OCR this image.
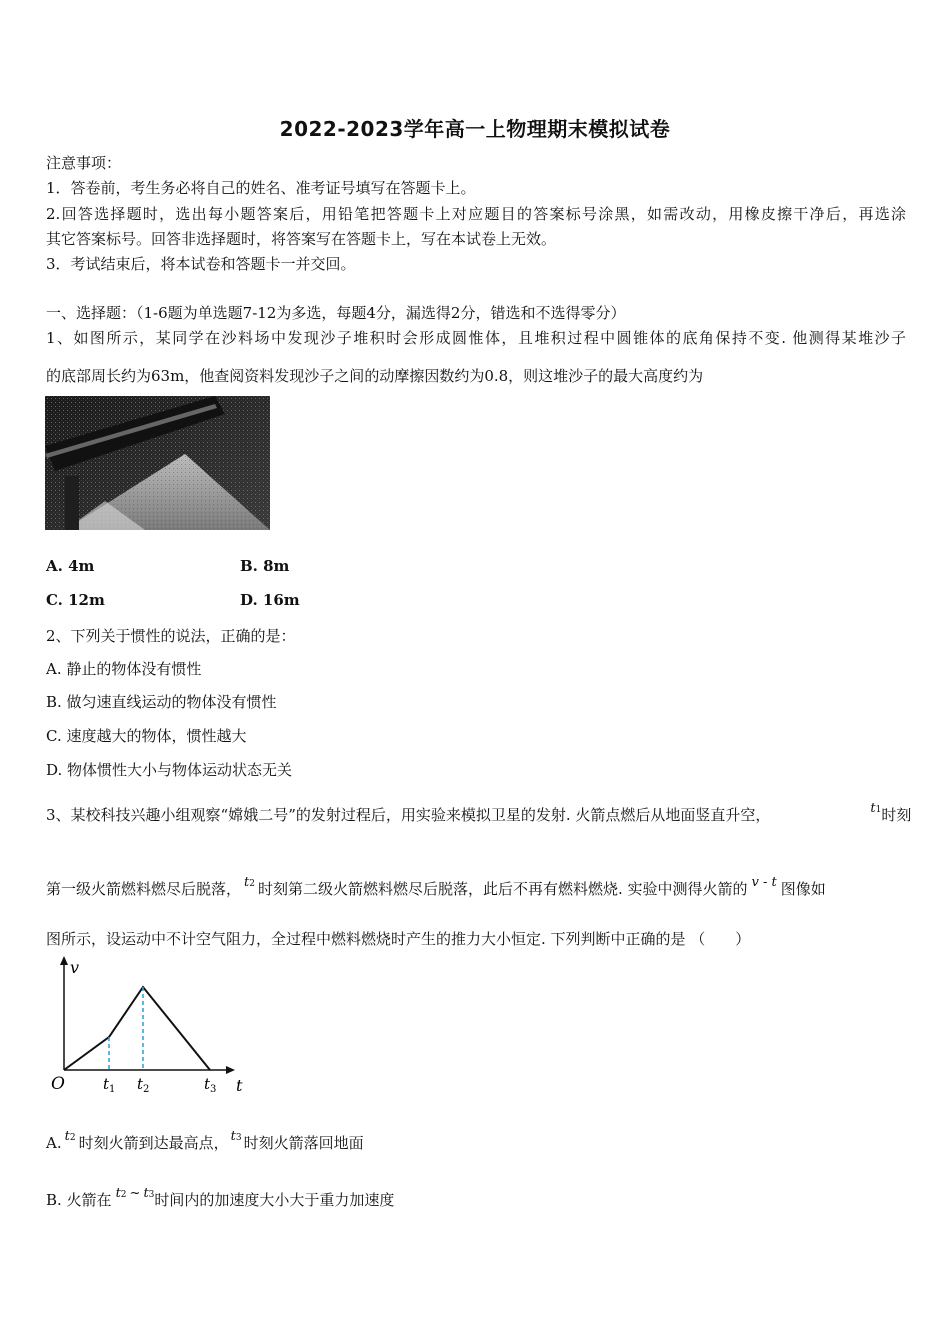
2022-2023学年高一上物理期末模拟试卷
注意事项：
1．答卷前，考生务必将自己的姓名、准考证号填写在答题卡上。
2.回答选择题时，选出每小题答案后，用铅笔把答题卡上对应题目的答案标号涂黑，如需改动，用橡皮擦干净后，再选涂
其它答案标号。回答非选择题时，将答案写在答题卡上，写在本试卷上无效。
3．考试结束后，将本试卷和答题卡一并交回。
一、选择题：（1-6题为单选题7-12为多选，每题4分，漏选得2分，错选和不选得零分）
1、如图所示，某同学在沙料场中发现沙子堆积时会形成圆惟体，且堆积过程中圆锥体的底角保持不变. 他测得某堆沙子
的底部周长约为63m，他查阅资料发现沙子之间的动摩擦因数约为0.8，则这堆沙子的最大高度约为
A. 4m	B. 8m
C. 12m	D. 16m
2、下列关于惯性的说法，正确的是：
A. 静止的物体没有惯性
B. 做匀速直线运动的物体没有惯性
C. 速度越大的物体，惯性越大
D. 物体惯性大小与物体运动状态无关
3、某校科技兴趣小组观察“嫦娥二号”的发射过程后，用实验来模拟卫星的发射. 火箭点燃后从地面竖直升空，	t1时刻
第一级火箭燃料燃尽后脱落， t2 时刻第二级火箭燃料燃尽后脱落，此后不再有燃料燃烧. 实验中测得火箭的 v - t 图像如
图所示，设运动中不计空气阻力，全过程中燃料燃烧时产生的推力大小恒定. 下列判断中正确的是 （　　）
v
t
O	$t_1$ $t_2$	$t_3$
A. t2 时刻火箭到达最高点， t3 时刻火箭落回地面
B. 火箭在 t2 ~ t3时间内的加速度大小大于重力加速度
